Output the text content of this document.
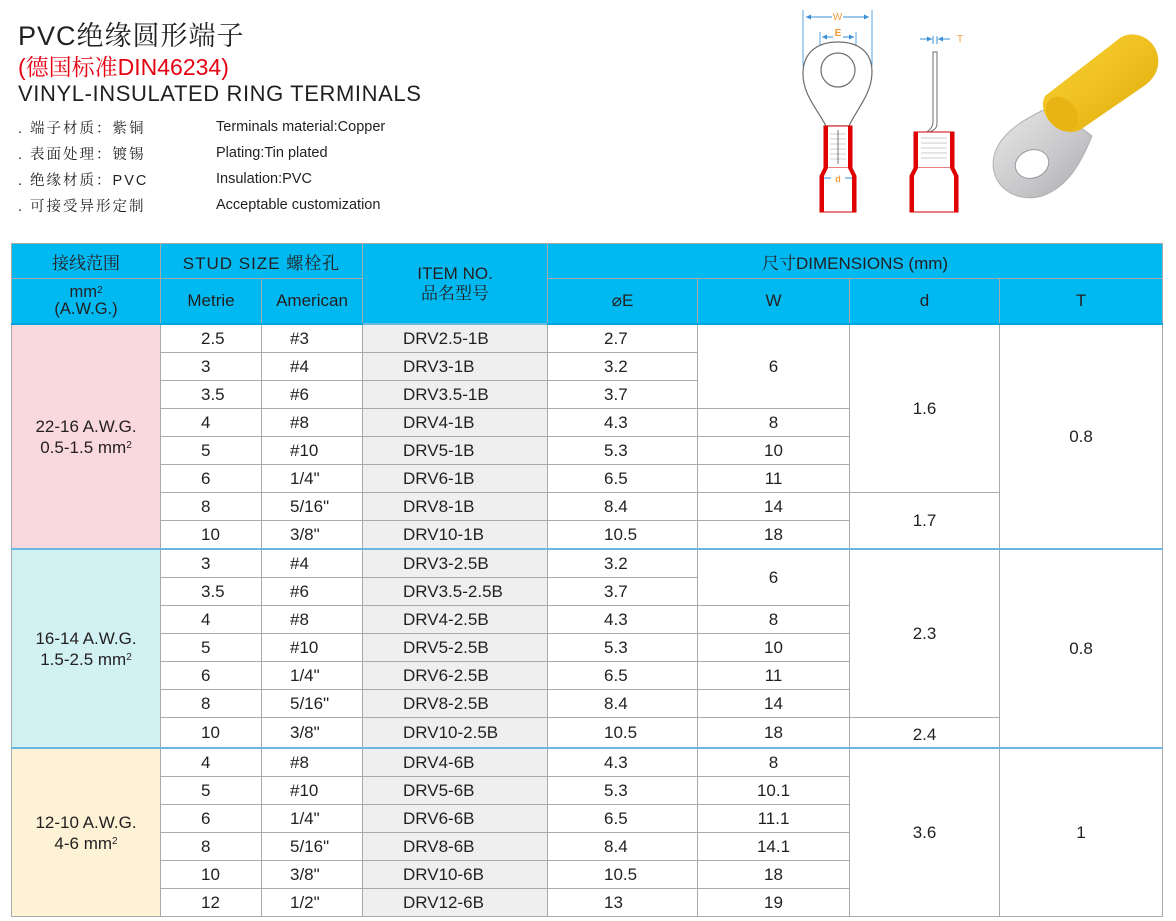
PVC绝缘圆形端子
(德国标准DIN46234)
VINYL-INSULATED RING TERMINALS
. 端子材质：紫铜	Terminals material:Copper
. 表面处理：镀锡	Plating:Tin plated
. 绝缘材质：PVC	Insulation:PVC
. 可接受异形定制	Acceptable customization
W
E
d
T
接线范围	STUD SIZE 螺栓孔		ITEM NO.
品名型号	尺寸DIMENSIONS (mm)			

$mm^2$
(A.W.G.)	Metrie	American		⌀E	W	d	T

22-16 A.W.G.
0.5-1.5 $mm^2$	2.5	#3	DRV2.5-1B	2.7	6	1.6	0.8
	3	#4	DRV3-1B	3.2			
	3.5	#6	DRV3.5-1B	3.7			
	4	#8	DRV4-1B	4.3	8		
	5	#10	DRV5-1B	5.3	10		
	6	1/4"	DRV6-1B	6.5	11		
	8	5/16"	DRV8-1B	8.4	14	1.7	
	10	3/8"	DRV10-1B	10.5	18		

16-14 A.W.G.
1.5-2.5 $mm^2$	3	#4	DRV3-2.5B	3.2	6	2.3	0.8
	3.5	#6	DRV3.5-2.5B	3.7			
	4	#8	DRV4-2.5B	4.3	8		
	5	#10	DRV5-2.5B	5.3	10		
	6	1/4"	DRV6-2.5B	6.5	11		
	8	5/16"	DRV8-2.5B	8.4	14		
	10	3/8"	DRV10-2.5B	10.5	18	2.4	

12-10 A.W.G.
4-6 $mm^2$	4	#8	DRV4-6B	4.3	8	3.6	1
	5	#10	DRV5-6B	5.3	10.1		
	6	1/4"	DRV6-6B	6.5	11.1		
	8	5/16"	DRV8-6B	8.4	14.1		
	10	3/8"	DRV10-6B	10.5	18		
	12	1/2"	DRV12-6B	13	19		
